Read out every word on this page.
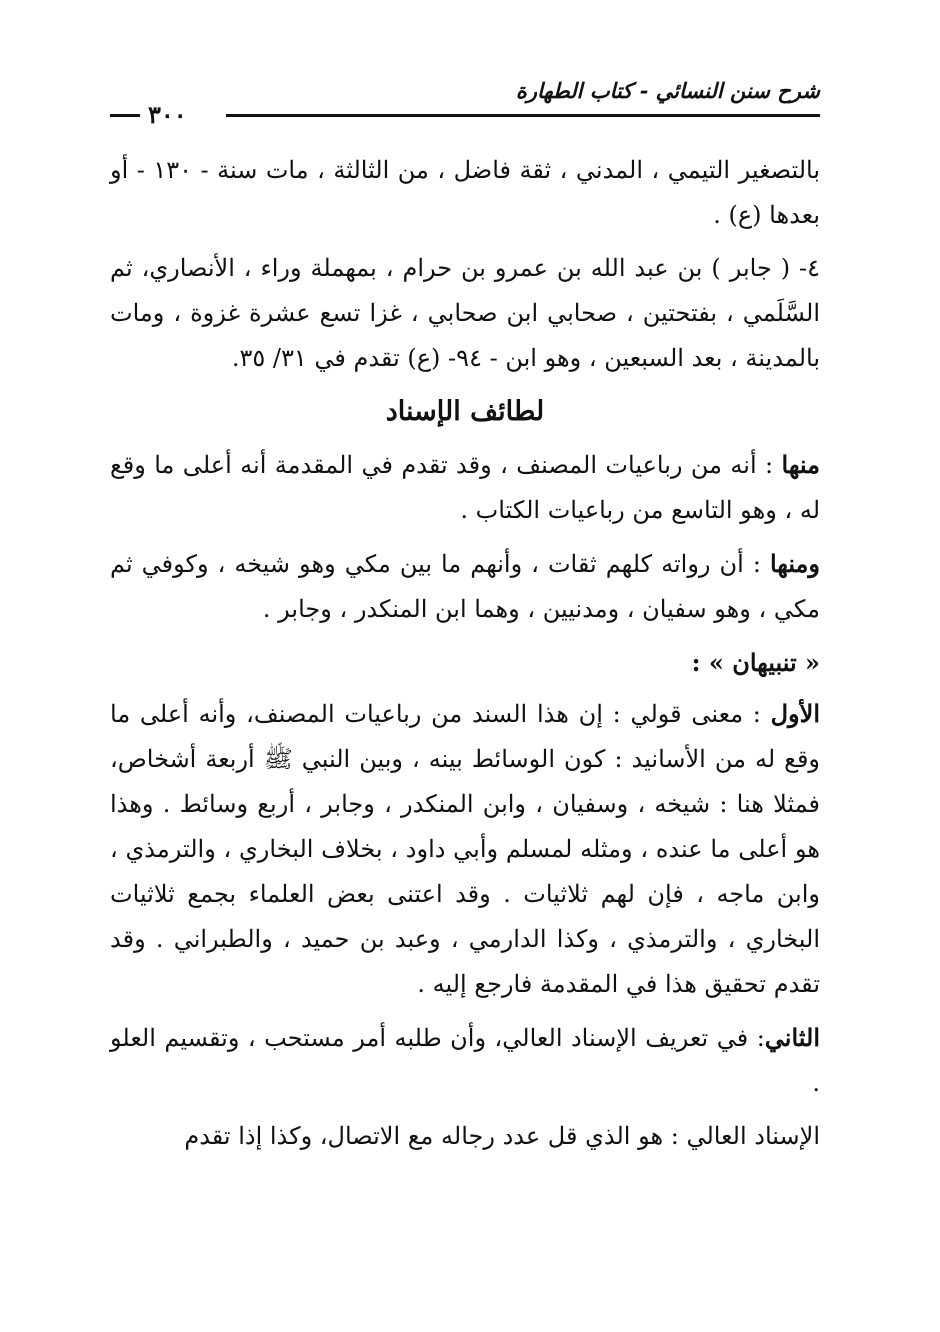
شرح سنن النسائي - كتاب الطهارة
٣٠٠

بالتصغير التيمي ، المدني ، ثقة فاضل ، من الثالثة ، مات سنة - ١٣٠ - أو بعدها (ع) .

٤- ( جابر ) بن عبد الله بن عمرو بن حرام ، بمهملة وراء ، الأنصاري، ثم السَّلَمي ، بفتحتين ، صحابي ابن صحابي ، غزا تسع عشرة غزوة ، ومات بالمدينة ، بعد السبعين ، وهو ابن - ٩٤- (ع) تقدم في ٣١/ ٣٥.

لطائف الإسناد

منها : أنه من رباعيات المصنف ، وقد تقدم في المقدمة أنه أعلى ما وقع له ، وهو التاسع من رباعيات الكتاب .

ومنها : أن رواته كلهم ثقات ، وأنهم ما بين مكي وهو شيخه ، وكوفي ثم مكي ، وهو سفيان ، ومدنيين ، وهما ابن المنكدر ، وجابر .

« تنبيهان » :

الأول : معنى قولي : إن هذا السند من رباعيات المصنف، وأنه أعلى ما وقع له من الأسانيد : كون الوسائط بينه ، وبين النبي ﷺ أربعة أشخاص، فمثلا هنا : شيخه ، وسفيان ، وابن المنكدر ، وجابر ، أربع وسائط . وهذا هو أعلى ما عنده ، ومثله لمسلم وأبي داود ، بخلاف البخاري ، والترمذي ، وابن ماجه ، فإن لهم ثلاثيات . وقد اعتنى بعض العلماء بجمع ثلاثيات البخاري ، والترمذي ، وكذا الدارمي ، وعبد بن حميد ، والطبراني . وقد تقدم تحقيق هذا في المقدمة فارجع إليه .

الثاني: في تعريف الإسناد العالي، وأن طلبه أمر مستحب ، وتقسيم العلو .

الإسناد العالي : هو الذي قل عدد رجاله مع الاتصال، وكذا إذا تقدم
